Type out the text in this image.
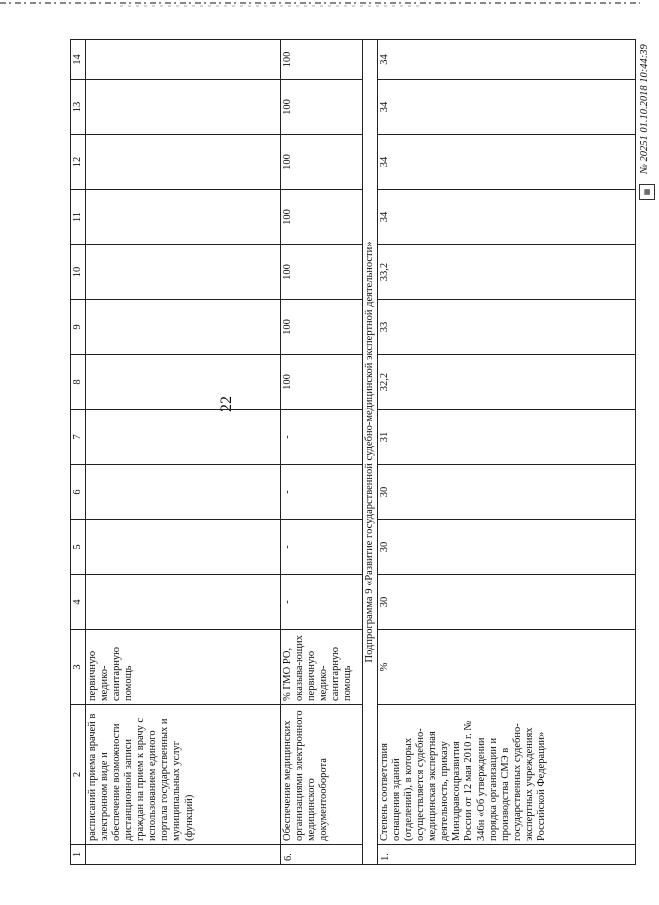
22
▦
№ 20251 01.10.2018 10:44:39
1	2	3	4	5	6	7	8	9	10	11	12	13	14
	расписаний приема врачей в электронном виде и обеспечение возможности дистанционной записи граждан на прием к врачу с использованием единого портала государственных и муниципальных услуг (функций)	первичную медико-санитарную помощь											
6.	Обеспечение медицинских организациями электронного медицинского документооборота	% ГМО РО, оказыва-ющих первичную медико-санитарную помощь	-	-	-	-	100	100	100	100	100	100	100
Подпрограмма 9 «Развитие государственной судебно-медицинской экспертной деятельности»													
1.	Степень соответствия оснащения зданий (отделений), в которых осуществляется судебно-медицинская экспертная деятельность, приказу Минздравсоцразвития России от 12 мая 2010 г. № 346н «Об утверждении порядка организации и производства СМЭ в государственных судебно-экспертных учреждениях Российской Федерации»	%	30	30	30	31	32,2	33	33,2	34	34	34	34
